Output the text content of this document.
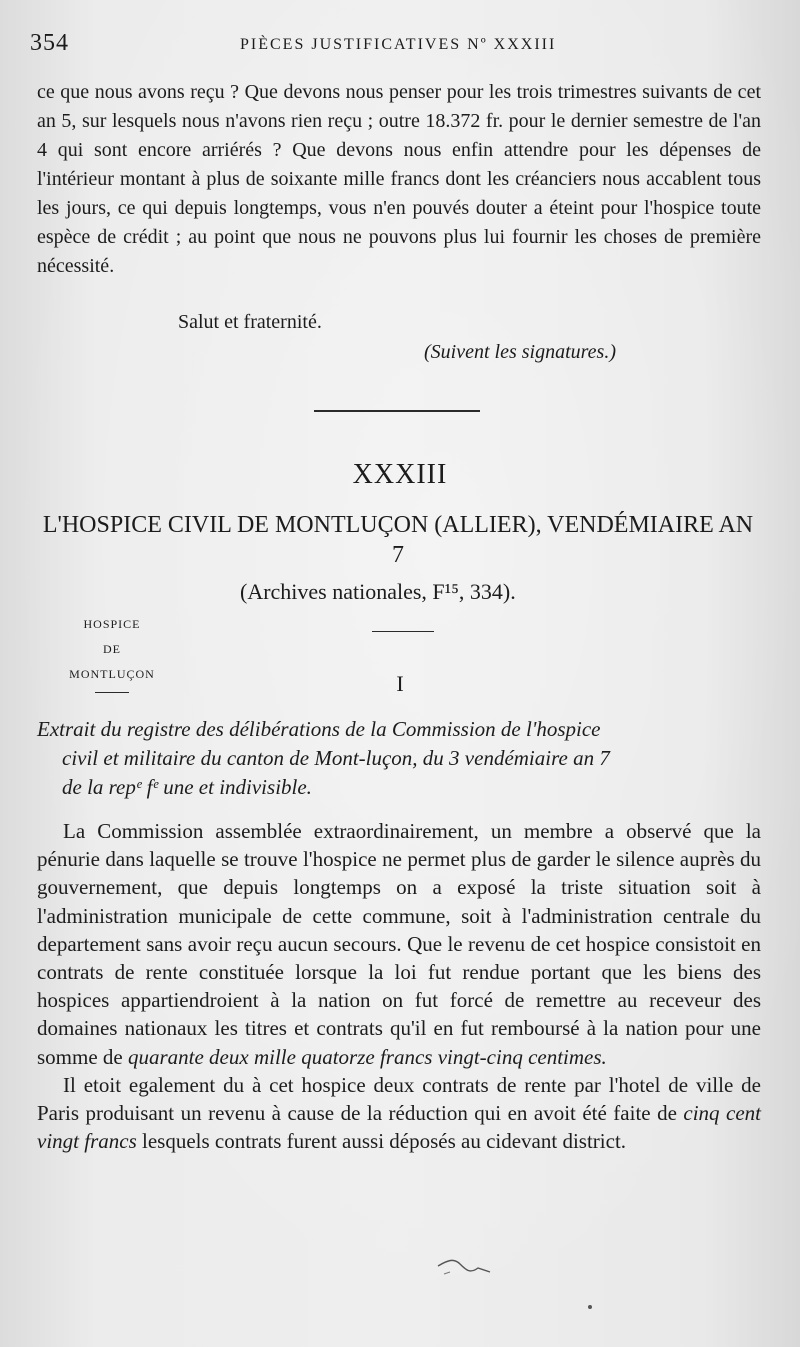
354	PIÈCES JUSTIFICATIVES Nº XXXIII
ce que nous avons reçu ? Que devons nous penser pour les trois trimestres suivants de cet an 5, sur lesquels nous n'avons rien reçu ; outre 18.372 fr. pour le dernier semestre de l'an 4 qui sont encore arriérés ? Que devons nous enfin attendre pour les dépenses de l'intérieur montant à plus de soixante mille francs dont les créanciers nous accablent tous les jours, ce qui depuis longtemps, vous n'en pouvés douter a éteint pour l'hospice toute espèce de crédit ; au point que nous ne pouvons plus lui fournir les choses de première nécessité.
Salut et fraternité.
(Suivent les signatures.)
XXXIII
L'HOSPICE CIVIL DE MONTLUÇON (ALLIER), VENDÉMIAIRE AN 7
(Archives nationales, F¹⁵, 334).
HOSPICE
DE
MONTLUÇON	I
Extrait du registre des délibérations de la Commission de l'hospice
civil et militaire du canton de Mont-luçon, du 3 vendémiaire an 7
de la repᵉ fᵉ une et indivisible.

La Commission assemblée extraordinairement, un membre a observé que la pénurie dans laquelle se trouve l'hospice ne permet plus de garder le silence auprès du gouvernement, que depuis longtemps on a exposé la triste situation soit à l'administration municipale de cette commune, soit à l'administration centrale du departement sans avoir reçu aucun secours. Que le revenu de cet hospice consistoit en contrats de rente constituée lorsque la loi fut rendue portant que les biens des hospices appartiendroient à la nation on fut forcé de remettre au receveur des domaines nationaux les titres et contrats qu'il en fut remboursé à la nation pour une somme de quarante deux mille quatorze francs vingt-cinq centimes.

Il etoit egalement du à cet hospice deux contrats de rente par l'hotel de ville de Paris produisant un revenu à cause de la réduction qui en avoit été faite de cinq cent vingt francs lesquels contrats furent aussi déposés au cidevant district.
